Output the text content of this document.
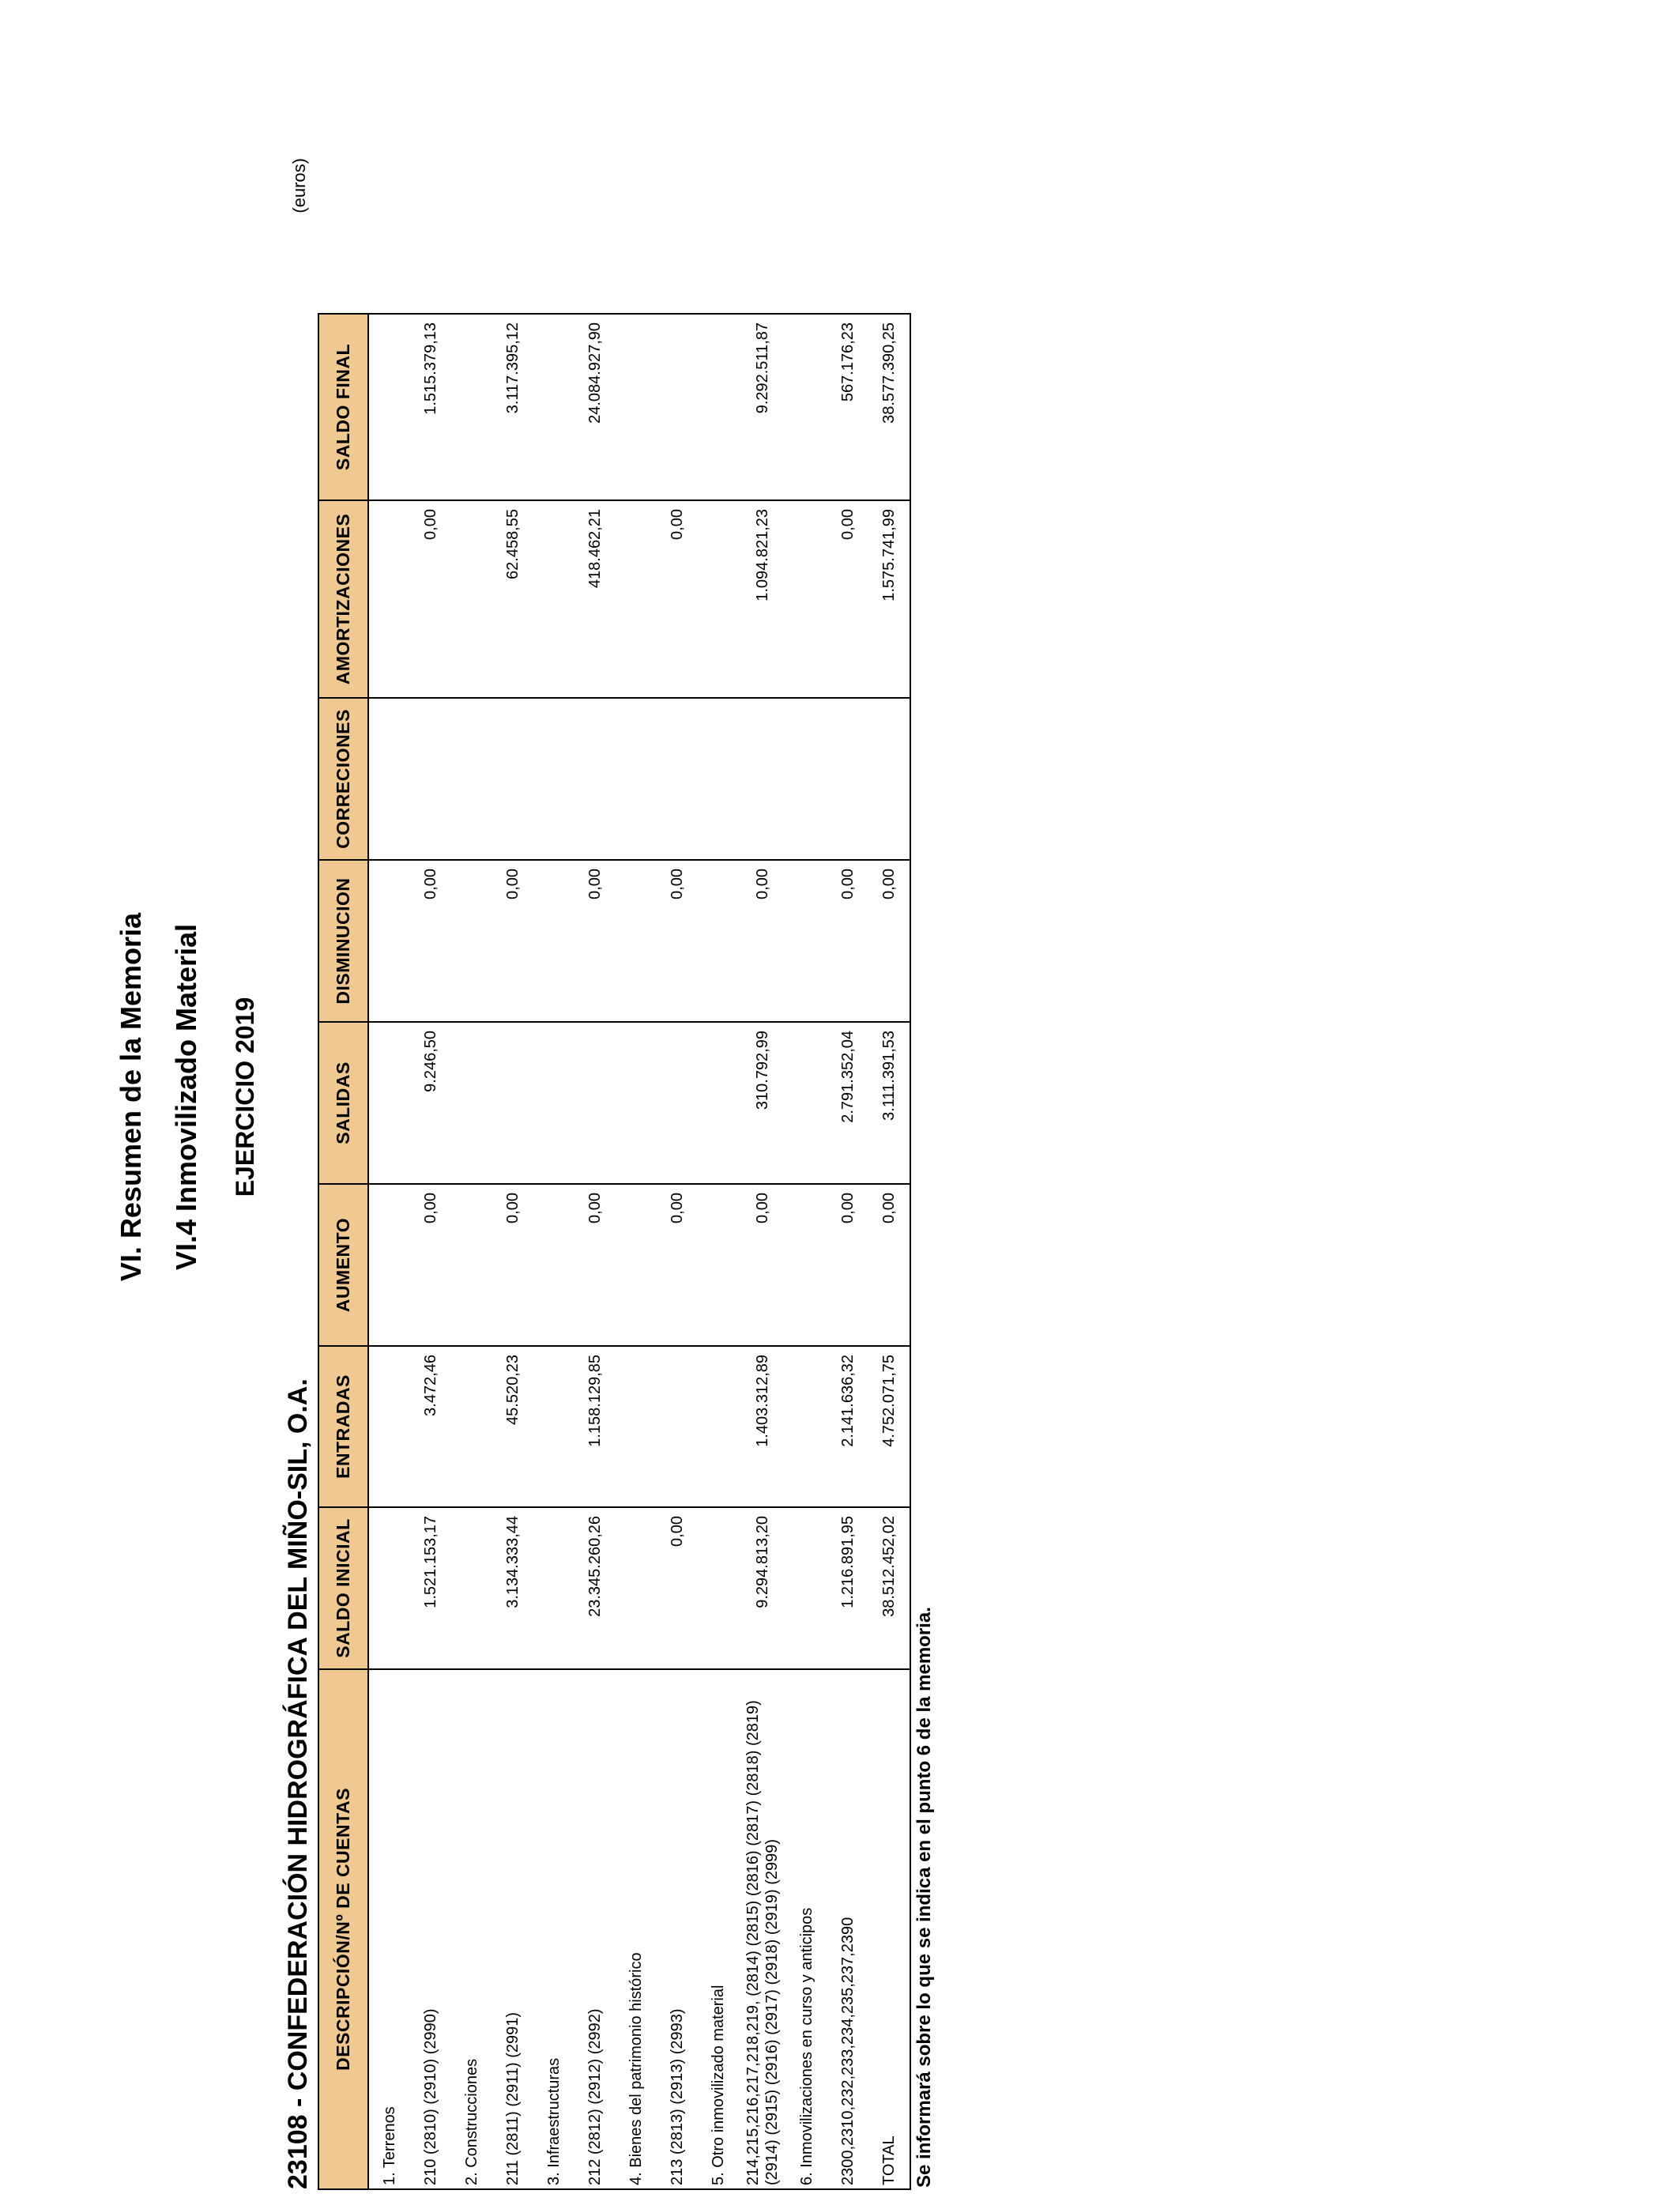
VI. Resumen de la Memoria VI.4 Inmovilizado Material EJERCICIO 2019
23108 - CONFEDERACIÓN HIDROGRÁFICA DEL MIÑO-SIL, O.A.
(euros)
DESCRIPCIÓN/Nº DE CUENTAS	SALDO INICIAL	ENTRADAS	AUMENTO	SALIDAS	DISMINUCION	CORRECIONES	AMORTIZACIONES	SALDO FINAL
1. Terrenos								
210 (2810) (2910) (2990)	1.521.153,17	3.472,46	0,00	9.246,50	0,00		0,00	1.515.379,13
2. Construcciones								
211 (2811) (2911) (2991)	3.134.333,44	45.520,23	0,00		0,00		62.458,55	3.117.395,12
3. Infraestructuras								
212 (2812) (2912) (2992)	23.345.260,26	1.158.129,85	0,00		0,00		418.462,21	24.084.927,90
4. Bienes del patrimonio histórico								
213 (2813) (2913) (2993)	0,00		0,00		0,00		0,00	
5. Otro inmovilizado material								
214,215,216,217,218,219, (2814) (2815) (2816) (2817) (2818) (2819) (2914) (2915) (2916) (2917) (2918) (2919) (2999)	9.294.813,20	1.403.312,89	0,00	310.792,99	0,00		1.094.821,23	9.292.511,87
6. Inmovilizaciones en curso y anticipos								
2300,2310,232,233,234,235,237,2390	1.216.891,95	2.141.636,32	0,00	2.791.352,04	0,00		0,00	567.176,23
TOTAL	38.512.452,02	4.752.071,75	0,00	3.111.391,53	0,00		1.575.741,99	38.577.390,25
Se informará sobre lo que se indica en el punto 6 de la memoria.
